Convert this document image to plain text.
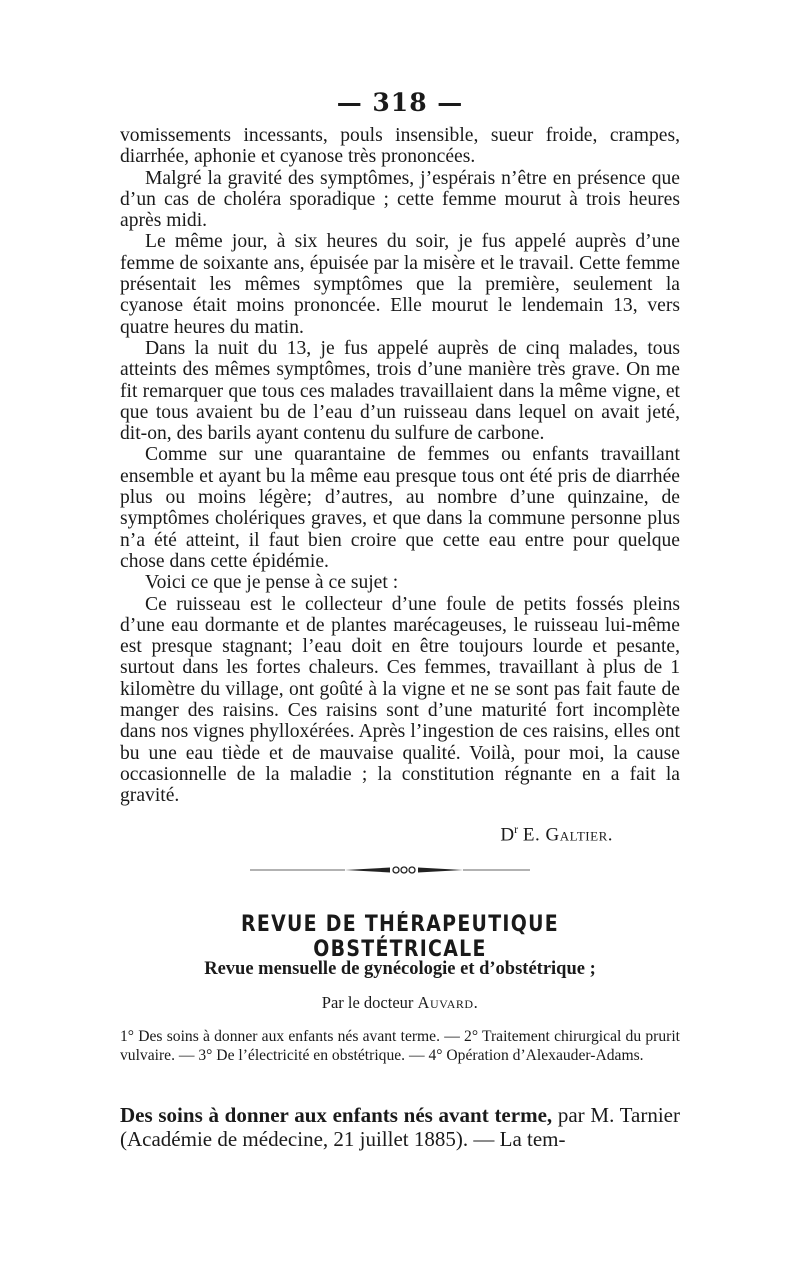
— 318 —

vomissements incessants, pouls insensible, sueur froide, crampes, diarrhée, aphonie et cyanose très prononcées.

Malgré la gravité des symptômes, j’espérais n’être en présence que d’un cas de choléra sporadique ; cette femme mourut à trois heures après midi.

Le même jour, à six heures du soir, je fus appelé auprès d’une femme de soixante ans, épuisée par la misère et le travail. Cette femme présentait les mêmes symptômes que la première, seulement la cyanose était moins prononcée. Elle mourut le lendemain 13, vers quatre heures du matin.

Dans la nuit du 13, je fus appelé auprès de cinq malades, tous atteints des mêmes symptômes, trois d’une manière très grave. On me fit remarquer que tous ces malades travaillaient dans la même vigne, et que tous avaient bu de l’eau d’un ruisseau dans lequel on avait jeté, dit-on, des barils ayant contenu du sulfure de carbone.

Comme sur une quarantaine de femmes ou enfants travaillant ensemble et ayant bu la même eau presque tous ont été pris de diarrhée plus ou moins légère; d’autres, au nombre d’une quinzaine, de symptômes cholériques graves, et que dans la commune personne plus n’a été atteint, il faut bien croire que cette eau entre pour quelque chose dans cette épidémie.

Voici ce que je pense à ce sujet :

Ce ruisseau est le collecteur d’une foule de petits fossés pleins d’une eau dormante et de plantes marécageuses, le ruisseau lui-même est presque stagnant; l’eau doit en être toujours lourde et pesante, surtout dans les fortes chaleurs. Ces femmes, travaillant à plus de 1 kilomètre du village, ont goûté à la vigne et ne se sont pas fait faute de manger des raisins. Ces raisins sont d’une maturité fort incomplète dans nos vignes phylloxérées. Après l’ingestion de ces raisins, elles ont bu une eau tiède et de mauvaise qualité. Voilà, pour moi, la cause occasionnelle de la maladie ; la constitution régnante en a fait la gravité.

$D^r$ E. Galtier.
REVUE DE THÉRAPEUTIQUE OBSTÉTRICALE
Revue mensuelle de gynécologie et d’obstétrique ;
Par le docteur Auvard.
1° Des soins à donner aux enfants nés avant terme. — 2° Traitement chirurgical du prurit vulvaire. — 3° De l’électricité en obstétrique. — 4° Opération d’Alexauder-Adams.
Des soins à donner aux enfants nés avant terme, par M. Tarnier (Académie de médecine, 21 juillet 1885). — La tem-
